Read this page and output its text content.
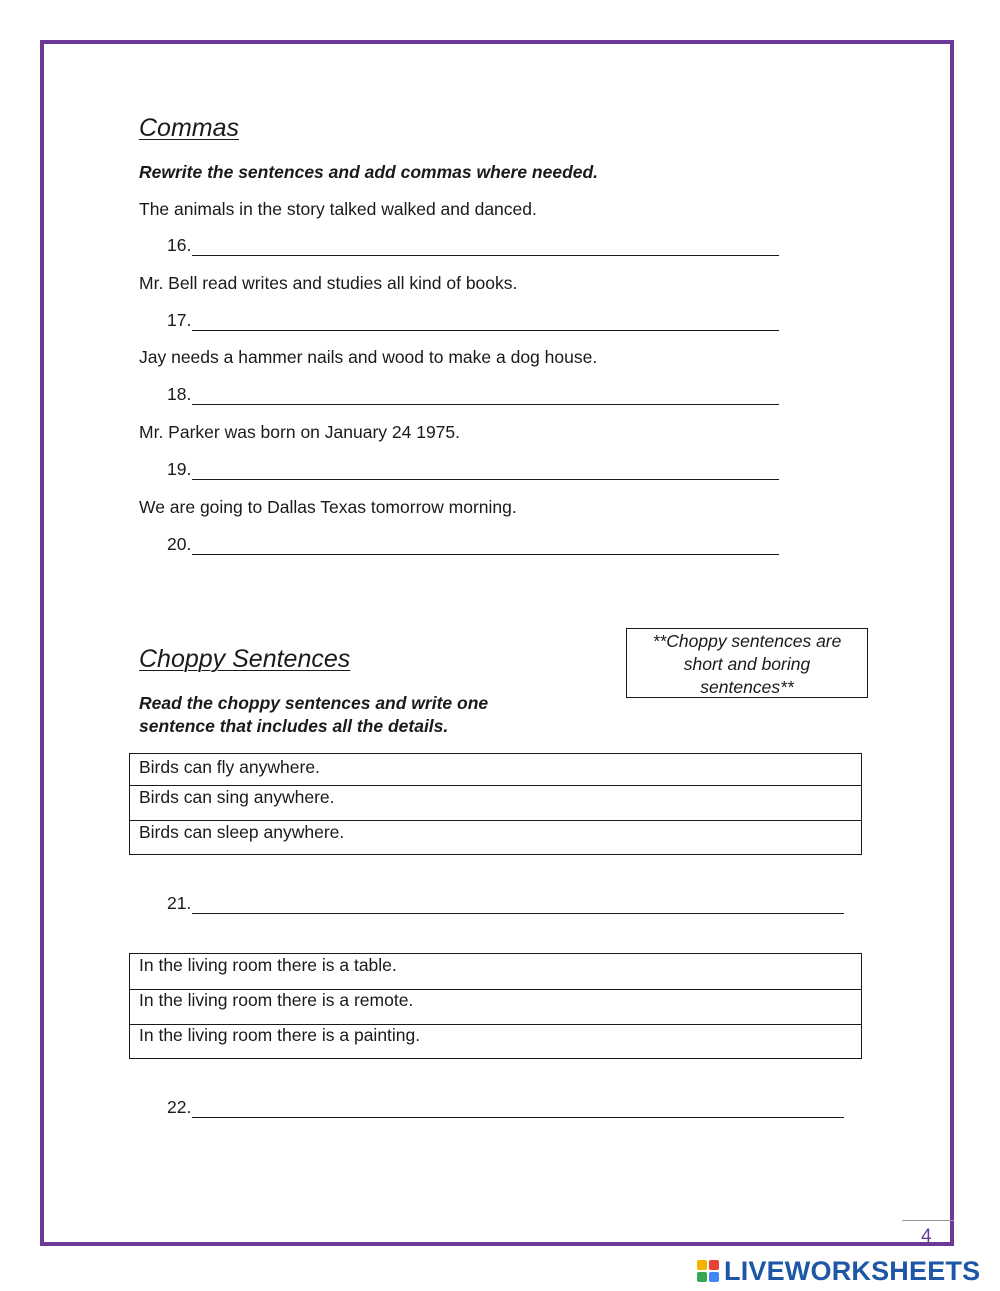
Commas
Rewrite the sentences and add commas where needed.
The animals in the story talked walked and danced.
16.
Mr. Bell read writes and studies all kind of books.
17.
Jay needs a hammer nails and wood to make a dog house.
18.
Mr. Parker was born on January 24 1975.
19.
We are going to Dallas Texas tomorrow morning.
20.
Choppy Sentences
Read the choppy sentences and write one
sentence that includes all the details.
**Choppy sentences are
short and boring
sentences**
Birds can fly anywhere.
Birds can sing anywhere.
Birds can sleep anywhere.
21.
In the living room there is a table.
In the living room there is a remote.
In the living room there is a painting.
22.
4
LIVEWORKSHEETS
